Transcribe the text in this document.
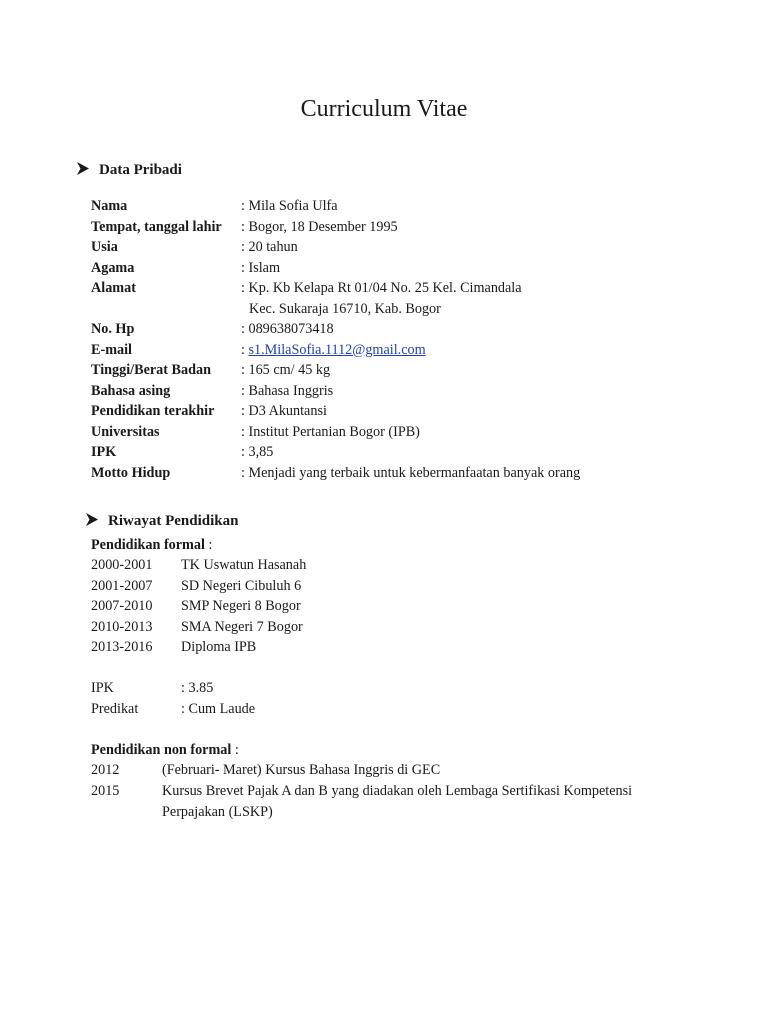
Curriculum Vitae
Data Pribadi
Nama	: Mila Sofia Ulfa
Tempat, tanggal lahir	: Bogor, 18 Desember 1995
Usia	: 20 tahun
Agama	: Islam
Alamat	: Kp. Kb Kelapa Rt 01/04 No. 25 Kel. Cimandala
Kec. Sukaraja 16710, Kab. Bogor
No. Hp	: 089638073418
E-mail	: s1.MilaSofia.1112@gmail.com
Tinggi/Berat Badan	: 165 cm/ 45 kg
Bahasa asing	: Bahasa Inggris
Pendidikan terakhir	: D3 Akuntansi
Universitas	: Institut Pertanian Bogor (IPB)
IPK	: 3,85
Motto Hidup	: Menjadi yang terbaik untuk kebermanfaatan banyak orang
Riwayat Pendidikan
Pendidikan formal :
2000-2001	TK Uswatun Hasanah
2001-2007	SD Negeri Cibuluh 6
2007-2010	SMP Negeri 8 Bogor
2010-2013	SMA Negeri 7 Bogor
2013-2016	Diploma IPB
IPK	: 3.85
Predikat	: Cum Laude
Pendidikan non formal :
2012	(Februari- Maret) Kursus Bahasa Inggris di GEC
2015	Kursus Brevet Pajak A dan B yang diadakan oleh Lembaga Sertifikasi Kompetensi Perpajakan (LSKP)
